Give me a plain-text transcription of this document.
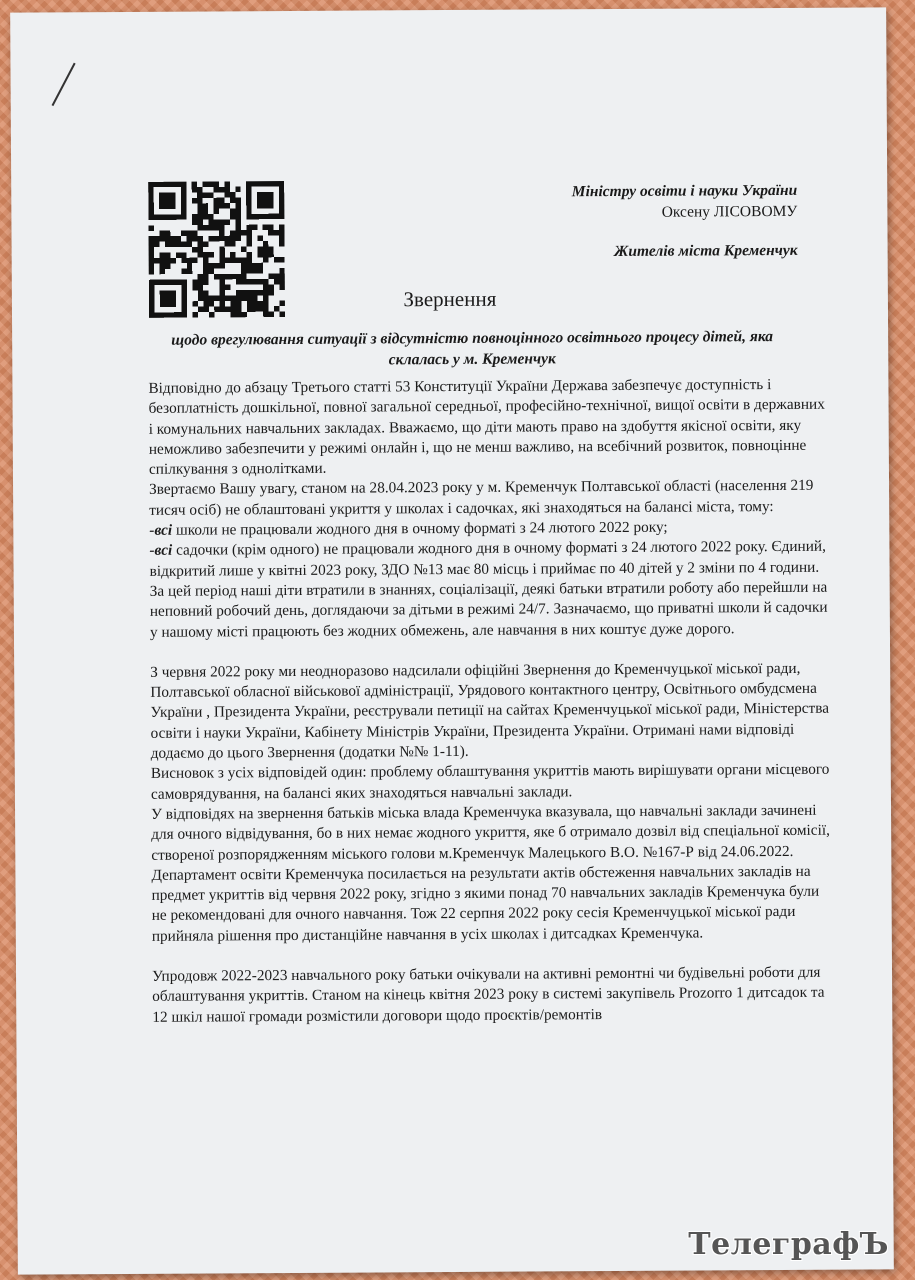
Міністру освіти і науки України
Оксену ЛІСОВОМУ
Жителів міста Кременчук
Звернення
щодо врегулювання ситуації з відсутністю повноцінного освітнього процесу дітей, яка склалась у м. Кременчук

Відповідно до абзацу Третього статті 53 Конституції України Держава забезпечує доступність і безоплатність дошкільної, повної загальної середньої, професійно-технічної, вищої освіти в державних і комунальних навчальних закладах. Вважаємо, що діти мають право на здобуття якісної освіти, яку неможливо забезпечити у режимі онлайн і, що не менш важливо, на всебічний розвиток, повноцінне спілкування з однолітками.

Звертаємо Вашу увагу, станом на 28.04.2023 року у м. Кременчук Полтавської області (населення 219 тисяч осіб) не облаштовані укриття у школах і садочках, які знаходяться на балансі міста, тому:

-всі школи не працювали жодного дня в очному форматі з 24 лютого 2022 року;

-всі садочки (крім одного) не працювали жодного дня в очному форматі з 24 лютого 2022 року. Єдиний, відкритий лише у квітні 2023 року, ЗДО №13 має 80 місць і приймає по 40 дітей у 2 зміни по 4 години.

За цей період наші діти втратили в знаннях, соціалізації, деякі батьки втратили роботу або перейшли на неповний робочий день, доглядаючи за дітьми в режимі 24/7. Зазначаємо, що приватні школи й садочки у нашому місті працюють без жодних обмежень, але навчання в них коштує дуже дорого.

З червня 2022 року ми неодноразово надсилали офіційні Звернення до Кременчуцької міської ради, Полтавської обласної військової адміністрації, Урядового контактного центру, Освітнього омбудсмена України , Президента України, реєстрували петиції на сайтах Кременчуцької міської ради, Міністерства освіти і науки України, Кабінету Міністрів України, Президента України. Отримані нами відповіді додаємо до цього Звернення (додатки №№ 1-11).

Висновок з усіх відповідей один: проблему облаштування укриттів мають вирішувати органи місцевого самоврядування, на балансі яких знаходяться навчальні заклади.

У відповідях на звернення батьків міська влада Кременчука вказувала, що навчальні заклади зачинені для очного відвідування, бо в них немає жодного укриття, яке б отримало дозвіл від спеціальної комісії, створеної розпорядженням міського голови м.Кременчук Малецького В.О. №167-Р від 24.06.2022. Департамент освіти Кременчука посилається на результати актів обстеження навчальних закладів на предмет укриттів від червня 2022 року, згідно з якими понад 70 навчальних закладів Кременчука були не рекомендовані для очного навчання. Тож 22 серпня 2022 року сесія Кременчуцької міської ради прийняла рішення про дистанційне навчання в усіх школах і дитсадках Кременчука.

Упродовж 2022-2023 навчального року батьки очікували на активні ремонтні чи будівельні роботи для облаштування укриттів. Станом на кінець квітня 2023 року в системі закупівель Prozorro 1 дитсадок та 12 шкіл нашої громади розмістили договори щодо проєктів/ремонтів

ТелеграфЪ
